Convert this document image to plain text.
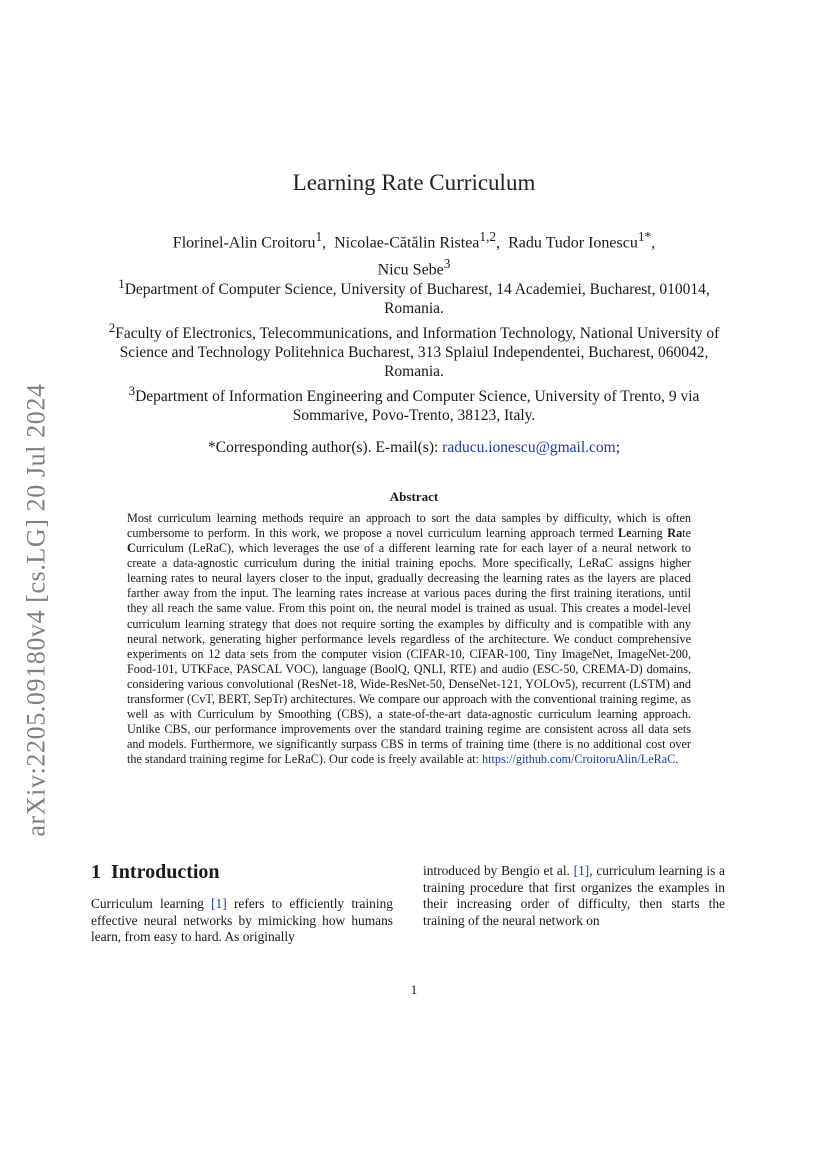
arXiv:2205.09180v4 [cs.LG] 20 Jul 2024
Learning Rate Curriculum
Florinel-Alin Croitoru$^1$,  Nicolae-Cătălin Ristea$^{1,2}$,  Radu Tudor Ionescu$^{1*}$,
Nicu Sebe$^3$

$^1$Department of Computer Science, University of Bucharest, 14 Academiei, Bucharest, 010014, Romania.

$^2$Faculty of Electronics, Telecommunications, and Information Technology, National University of Science and Technology Politehnica Bucharest, 313 Splaiul Independentei, Bucharest, 060042, Romania.

$^3$Department of Information Engineering and Computer Science, University of Trento, 9 via Sommarive, Povo-Trento, 38123, Italy.

*Corresponding author(s). E-mail(s): raducu.ionescu@gmail.com;
Abstract
Most curriculum learning methods require an approach to sort the data samples by difficulty, which is often cumbersome to perform. In this work, we propose a novel curriculum learning approach termed Learning Rate Curriculum (LeRaC), which leverages the use of a different learning rate for each layer of a neural network to create a data-agnostic curriculum during the initial training epochs. More specifically, LeRaC assigns higher learning rates to neural layers closer to the input, gradually decreasing the learning rates as the layers are placed farther away from the input. The learning rates increase at various paces during the first training iterations, until they all reach the same value. From this point on, the neural model is trained as usual. This creates a model-level curriculum learning strategy that does not require sorting the examples by difficulty and is compatible with any neural network, generating higher performance levels regardless of the architecture. We conduct comprehensive experiments on 12 data sets from the computer vision (CIFAR-10, CIFAR-100, Tiny ImageNet, ImageNet-200, Food-101, UTKFace, PASCAL VOC), language (BoolQ, QNLI, RTE) and audio (ESC-50, CREMA-D) domains, considering various convolutional (ResNet-18, Wide-ResNet-50, DenseNet-121, YOLOv5), recurrent (LSTM) and transformer (CvT, BERT, SepTr) architectures. We compare our approach with the conventional training regime, as well as with Curriculum by Smoothing (CBS), a state-of-the-art data-agnostic curriculum learning approach. Unlike CBS, our performance improvements over the standard training regime are consistent across all data sets and models. Furthermore, we significantly surpass CBS in terms of training time (there is no additional cost over the standard training regime for LeRaC). Our code is freely available at: https://github.com/CroitoruAlin/LeRaC.
1 Introduction
Curriculum learning [1] refers to efficiently training effective neural networks by mimicking how humans learn, from easy to hard. As originally
introduced by Bengio et al. [1], curriculum learning is a training procedure that first organizes the examples in their increasing order of difficulty, then starts the training of the neural network on
1
